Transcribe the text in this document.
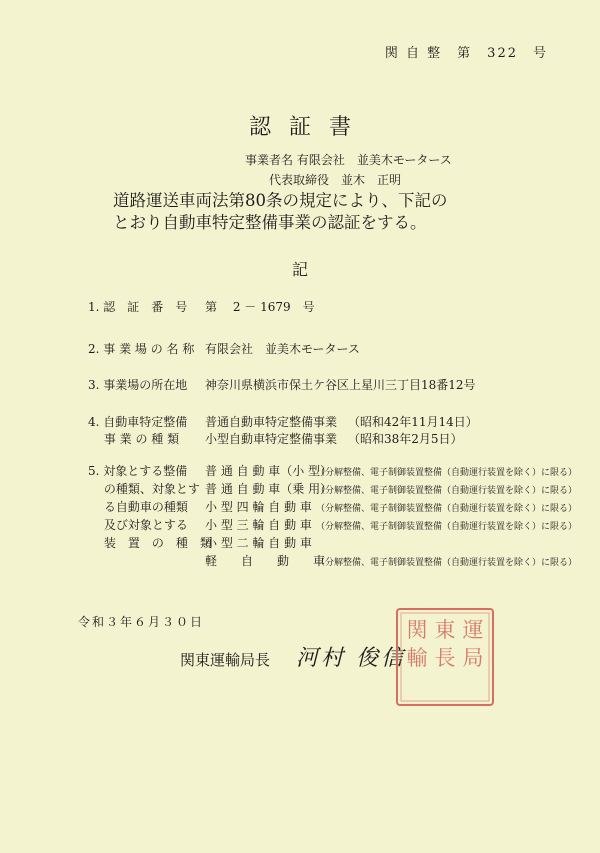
関 自 整　第　322　号
認証書
事業者名 有限会社　並美木モータース
代表取締役　並木　正明
道路運送車両法第80条の規定により、下記の
とおり自動車特定整備事業の認証をする。
記
1. 認　証　番　号 第　 2 － 1679　号
2. 事 業 場 の 名 称 有限会社　並美木モータース
3. 事業場の所在地 神奈川県横浜市保土ケ谷区上星川三丁目18番12号
4. 自動車特定整備
　 事 業 の 種 類
普通自動車特定整備事業 （昭和42年11月14日）
小型自動車特定整備事業 （昭和38年2月5日）
5. 対象とする整備
　 の種類、対象とす
　 る自動車の種類
　 及び対象とする
　 装　置　の　種　類
普 通 自 動 車（小 型）
（分解整備、電子制御装置整備（自動運行装置を除く）に限る）
普 通 自 動 車（乗 用）
（分解整備、電子制御装置整備（自動運行装置を除く）に限る）
小 型 四 輪 自 動 車 （分解整備、電子制御装置整備（自動運行装置を除く）に限る）
小 型 三 輪 自 動 車 （分解整備、電子制御装置整備（自動運行装置を除く）に限る）
小 型 二 輪 自 動 車
軽　　自　　動　　車
（分解整備、電子制御装置整備（自動運行装置を除く）に限る）
令和３年６月３０日
関東運輸局長 河村 俊信
運局
東長
関輸
